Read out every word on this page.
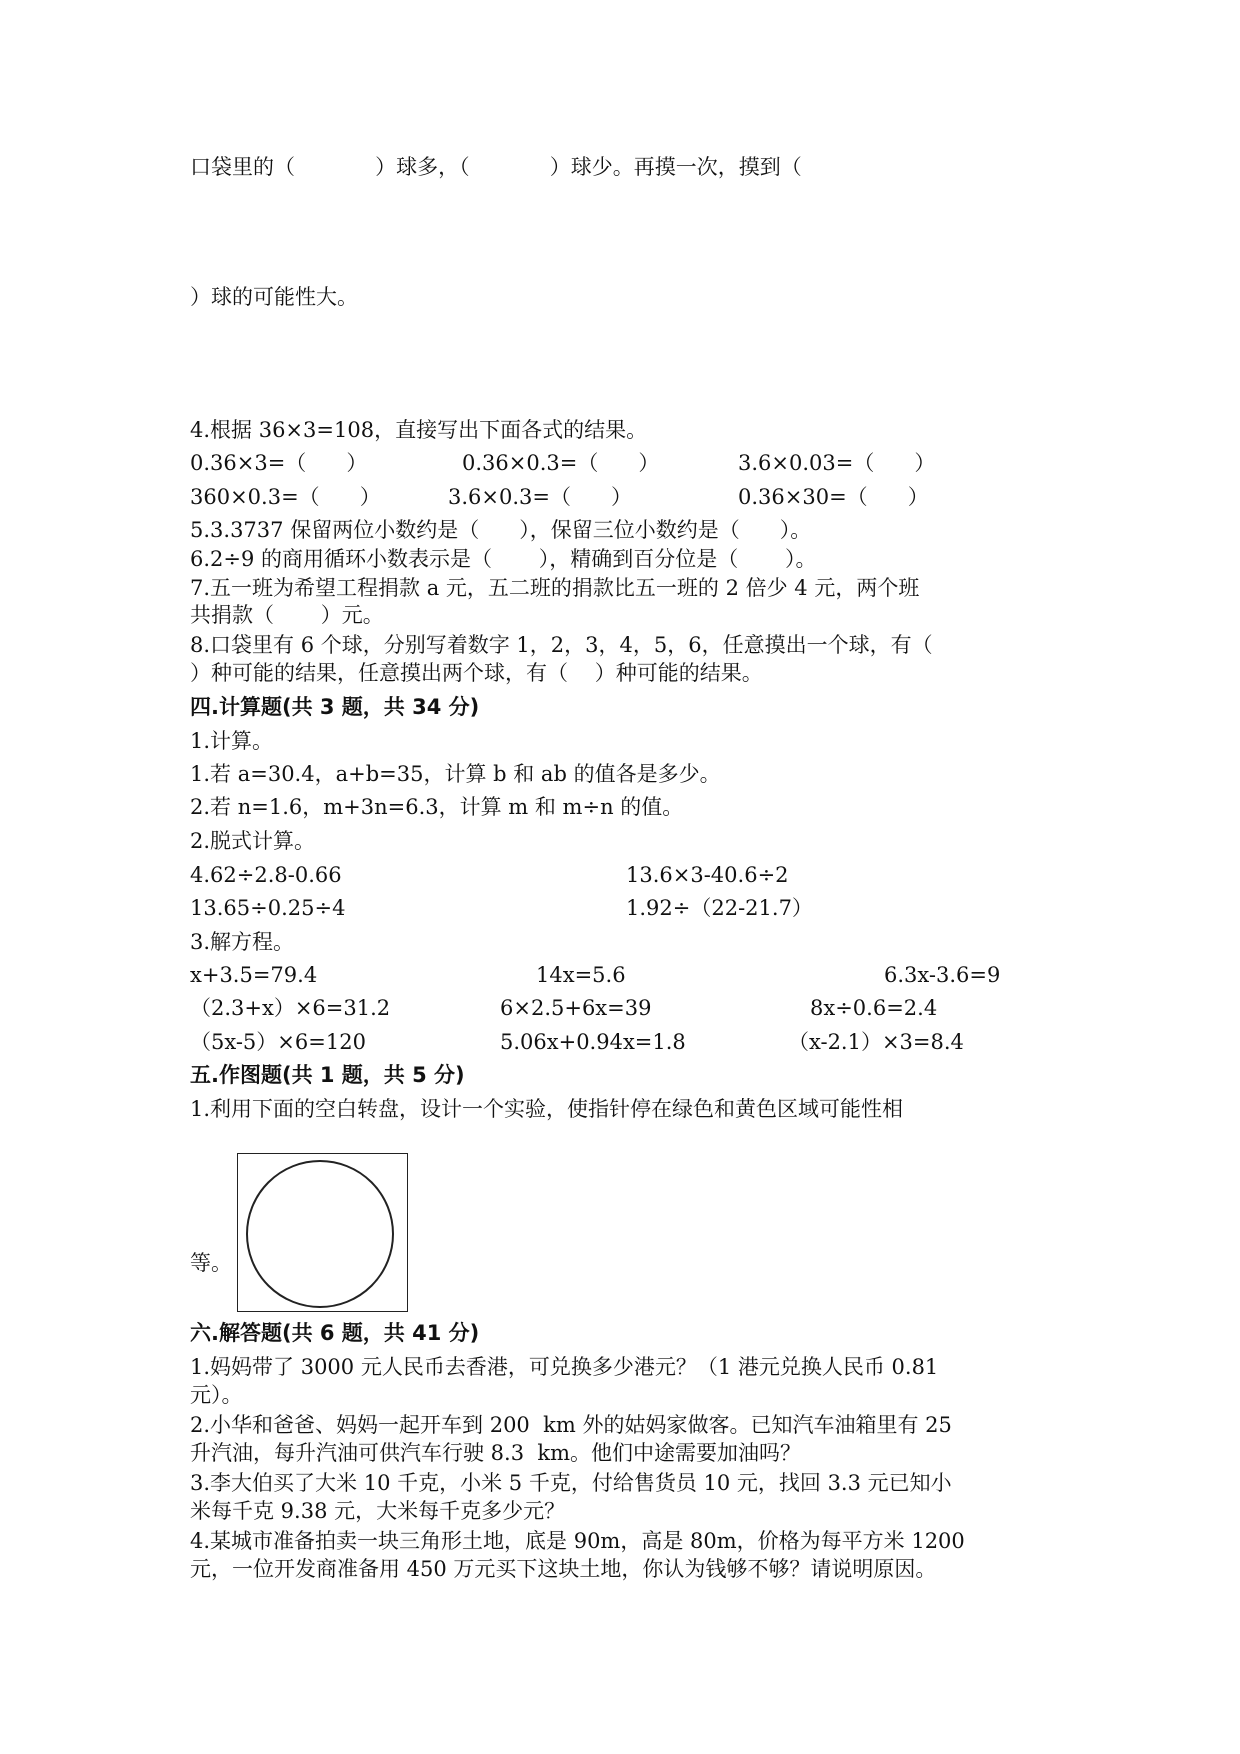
口袋里的（            ）球多，（            ）球少。再摸一次，摸到（
）球的可能性大。
4.根据 36×3=108，直接写出下面各式的结果。
0.36×3=（      ）	0.36×0.3=（      ）	3.6×0.03=（      ）
360×0.3=（      ）	3.6×0.3=（      ）	0.36×30=（      ）
5.3.3737 保留两位小数约是（      ），保留三位小数约是（      ）。
6.2÷9 的商用循环小数表示是（       ），精确到百分位是（       ）。
7.五一班为希望工程捐款 a 元，五二班的捐款比五一班的 2 倍少 4 元，两个班
共捐款（       ）元。
8.口袋里有 6 个球，分别写着数字 1，2，3，4，5，6，任意摸出一个球，有（
）种可能的结果，任意摸出两个球，有（    ）种可能的结果。
四.计算题(共 3 题，共 34 分)
1.计算。
1.若 a=30.4，a+b=35，计算 b 和 ab 的值各是多少。
2.若 n=1.6，m+3n=6.3，计算 m 和 m÷n 的值。
2.脱式计算。
4.62÷2.8-0.66	13.6×3-40.6÷2
13.65÷0.25÷4	1.92÷（22-21.7）
3.解方程。
x+3.5=79.4	14x=5.6	6.3x-3.6=9
（2.3+x）×6=31.2	6×2.5+6x=39	8x÷0.6=2.4
（5x-5）×6=120	5.06x+0.94x=1.8	（x-2.1）×3=8.4
五.作图题(共 1 题，共 5 分)
1.利用下面的空白转盘，设计一个实验，使指针停在绿色和黄色区域可能性相
等。
六.解答题(共 6 题，共 41 分)
1.妈妈带了 3000 元人民币去香港，可兑换多少港元？（1 港元兑换人民币 0.81
元）。
2.小华和爸爸、妈妈一起开车到 200  km 外的姑妈家做客。已知汽车油箱里有 25
升汽油，每升汽油可供汽车行驶 8.3  km。他们中途需要加油吗？
3.李大伯买了大米 10 千克，小米 5 千克，付给售货员 10 元，找回 3.3 元已知小
米每千克 9.38 元，大米每千克多少元？
4.某城市准备拍卖一块三角形土地，底是 90m，高是 80m，价格为每平方米 1200
元，一位开发商准备用 450 万元买下这块土地，你认为钱够不够？请说明原因。
